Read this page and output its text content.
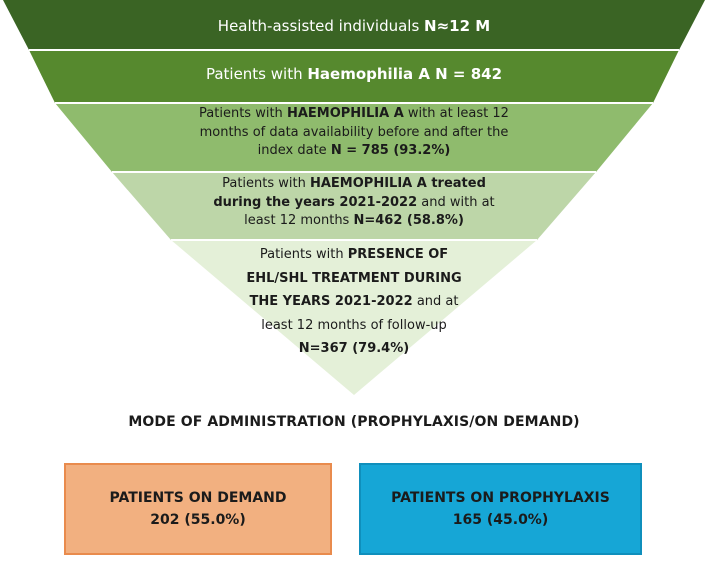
Health-assisted individuals N≈12 M
Patients with Haemophilia A N = 842
Patients with HAEMOPHILIA A with at least 12 months of data availability before and after the index date N = 785 (93.2%)
Patients with HAEMOPHILIA A treated during the years 2021-2022 and with at least 12 months N=462 (58.8%)
Patients with PRESENCE OF EHL/SHL TREATMENT DURING THE YEARS 2021-2022 and at least 12 months of follow-up N=367 (79.4%)
MODE OF ADMINISTRATION (PROPHYLAXIS/ON DEMAND)
PATIENTS ON DEMAND
202 (55.0%)
PATIENTS ON PROPHYLAXIS
165 (45.0%)
